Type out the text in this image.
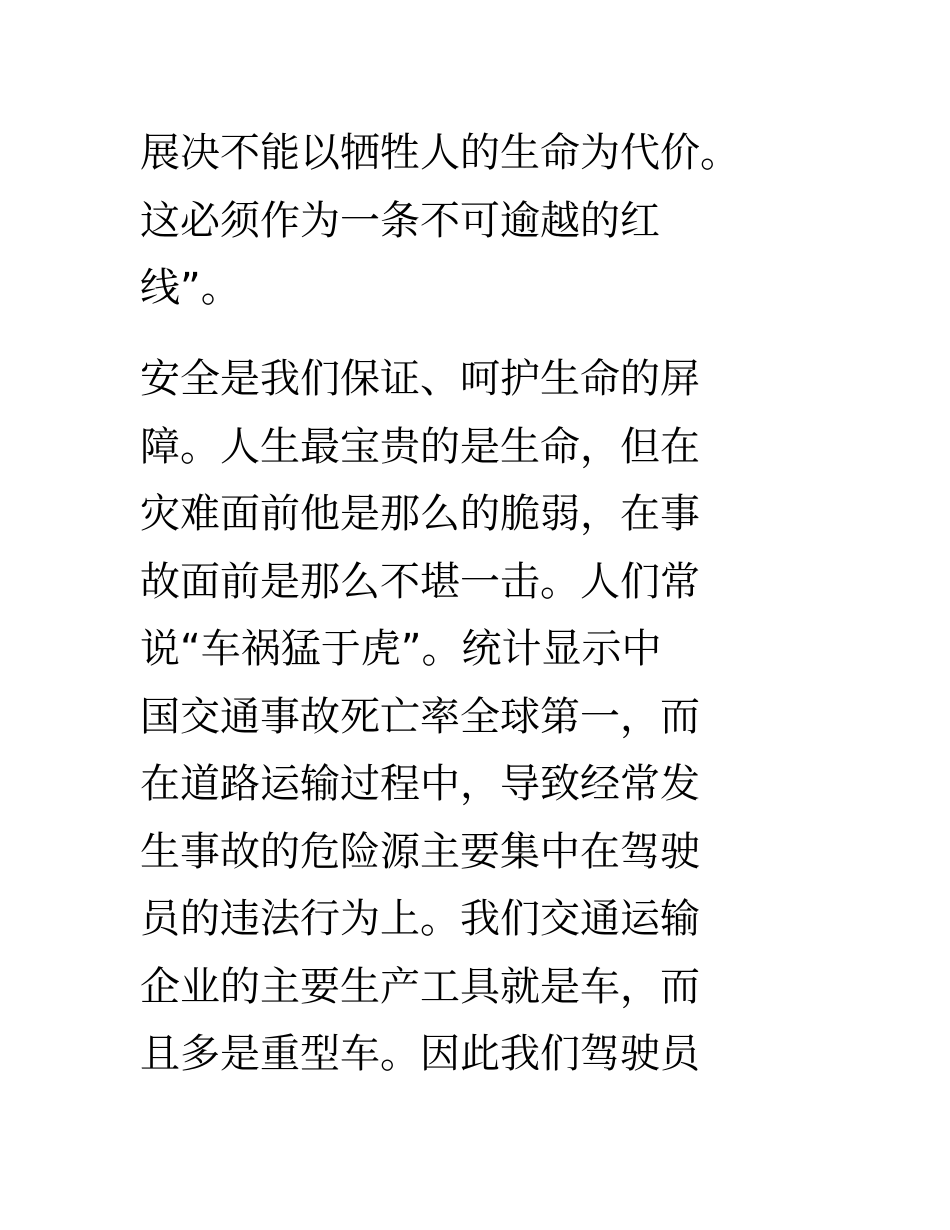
展决不能以牺牲人的生命为代价。
这必须作为一条不可逾越的红
线”。
安全是我们保证、呵护生命的屏
障。人生最宝贵的是生命，但在
灾难面前他是那么的脆弱，在事
故面前是那么不堪一击。人们常
说“车祸猛于虎”。统计显示中
国交通事故死亡率全球第一，而
在道路运输过程中，导致经常发
生事故的危险源主要集中在驾驶
员的违法行为上。我们交通运输
企业的主要生产工具就是车，而
且多是重型车。因此我们驾驶员
